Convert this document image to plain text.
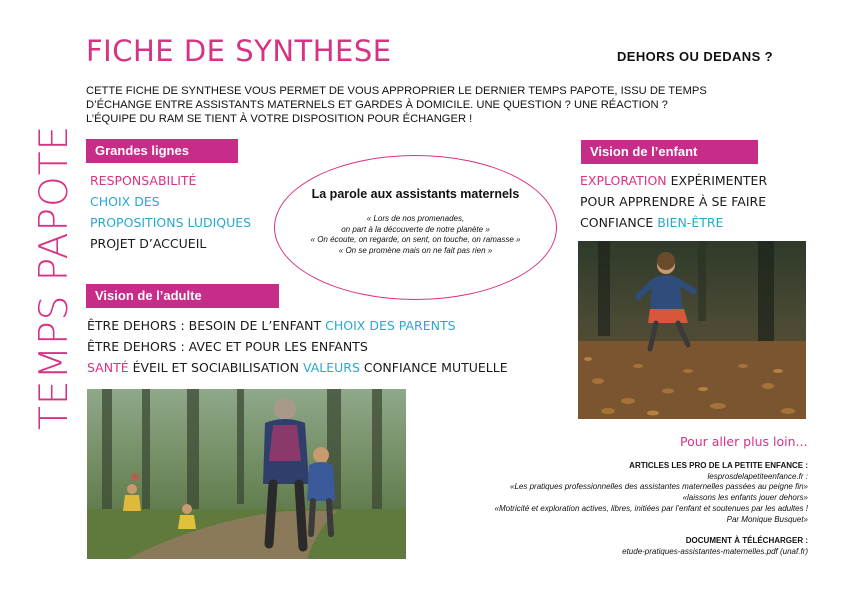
TEMPS PAPOTE
FICHE DE SYNTHESE	DEHORS OU DEDANS ?
CETTE FICHE DE SYNTHESE VOUS PERMET DE VOUS APPROPRIER LE DERNIER TEMPS PAPOTE, ISSU DE TEMPS
D’ÉCHANGE ENTRE ASSISTANTS MATERNELS ET GARDES À DOMICILE. UNE QUESTION ? UNE RÉACTION ?
L’ÉQUIPE DU RAM SE TIENT À VOTRE DISPOSITION POUR ÉCHANGER !
Grandes lignes
RESPONSABILITÉ
CHOIX DES
PROPOSITIONS LUDIQUES
PROJET D’ACCUEIL
La parole aux assistants maternels
« Lors de nos promenades,
on part à la découverte de notre planète »
« On écoute, on regarde, on sent, on touche, on ramasse »
« On se promène mais on ne fait pas rien »
Vision de l’enfant
EXPLORATION EXPÉRIMENTER
POUR APPRENDRE À SE FAIRE
CONFIANCE BIEN-ÊTRE
Vision de l’adulte
ÊTRE DEHORS : BESOIN DE L’ENFANT CHOIX DES PARENTS
ÊTRE DEHORS : AVEC ET POUR LES ENFANTS
SANTÉ ÉVEIL ET SOCIABILISATION VALEURS CONFIANCE MUTUELLE
Pour aller plus loin...
ARTICLES LES PRO DE LA PETITE ENFANCE :
lesprosdelapetiteenfance.fr :
«Les pratiques professionnelles des assistantes maternelles passées au peigne fin»
«laissons les enfants jouer dehors»
«Motricité et exploration actives, libres, initiées par l’enfant et soutenues par les adultes !
Par Monique Busquet»
DOCUMENT À TÉLÉCHARGER :
etude-pratiques-assistantes-maternelles.pdf (unaf.fr)
